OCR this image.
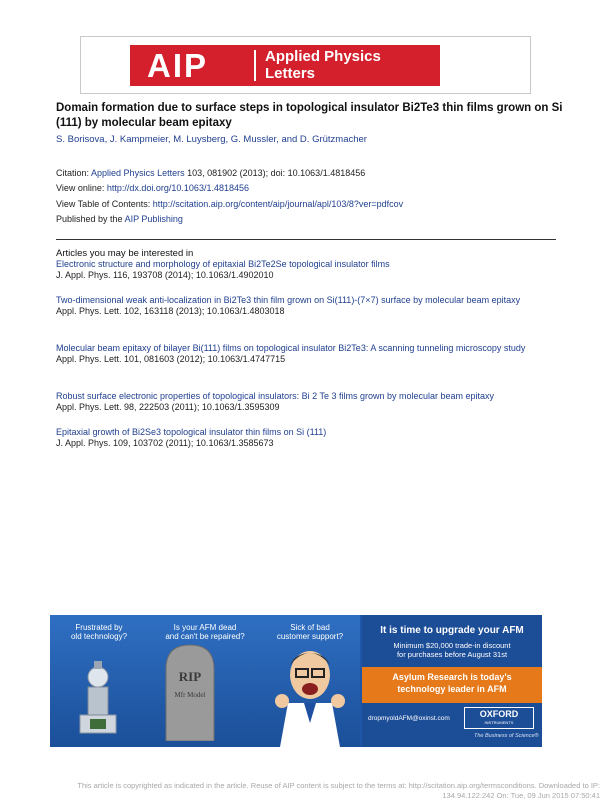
AIP	Applied Physics
Letters
Domain formation due to surface steps in topological insulator Bi2Te3 thin films grown on Si (111) by molecular beam epitaxy
S. Borisova, J. Kampmeier, M. Luysberg, G. Mussler, and D. Grützmacher
Citation: Applied Physics Letters 103, 081902 (2013); doi: 10.1063/1.4818456
View online: http://dx.doi.org/10.1063/1.4818456
View Table of Contents: http://scitation.aip.org/content/aip/journal/apl/103/8?ver=pdfcov
Published by the AIP Publishing
Articles you may be interested in
Electronic structure and morphology of epitaxial Bi2Te2Se topological insulator films
J. Appl. Phys. 116, 193708 (2014); 10.1063/1.4902010
Two-dimensional weak anti-localization in Bi2Te3 thin film grown on Si(111)-(7×7) surface by molecular beam epitaxy
Appl. Phys. Lett. 102, 163118 (2013); 10.1063/1.4803018
Molecular beam epitaxy of bilayer Bi(111) films on topological insulator Bi2Te3: A scanning tunneling microscopy study
Appl. Phys. Lett. 101, 081603 (2012); 10.1063/1.4747715
Robust surface electronic properties of topological insulators: Bi 2 Te 3 films grown by molecular beam epitaxy
Appl. Phys. Lett. 98, 222503 (2011); 10.1063/1.3595309
Epitaxial growth of Bi2Se3 topological insulator thin films on Si (111)
J. Appl. Phys. 109, 103702 (2011); 10.1063/1.3585673
Frustrated by
old technology?
Is your AFM dead
and can't be repaired?
Sick of bad
customer support?
RIP
Mfr Model
It is time to upgrade your AFM
Minimum $20,000 trade-in discount
for purchases before August 31st
Asylum Research is today's
technology leader in AFM
dropmyoldAFM@oxinst.com	OXFORD
INSTRUMENTS
The Business of Science®
This article is copyrighted as indicated in the article. Reuse of AIP content is subject to the terms at: http://scitation.aip.org/termsconditions. Downloaded to IP:
134.94.122.242 On: Tue, 09 Jun 2015 07:50:41
